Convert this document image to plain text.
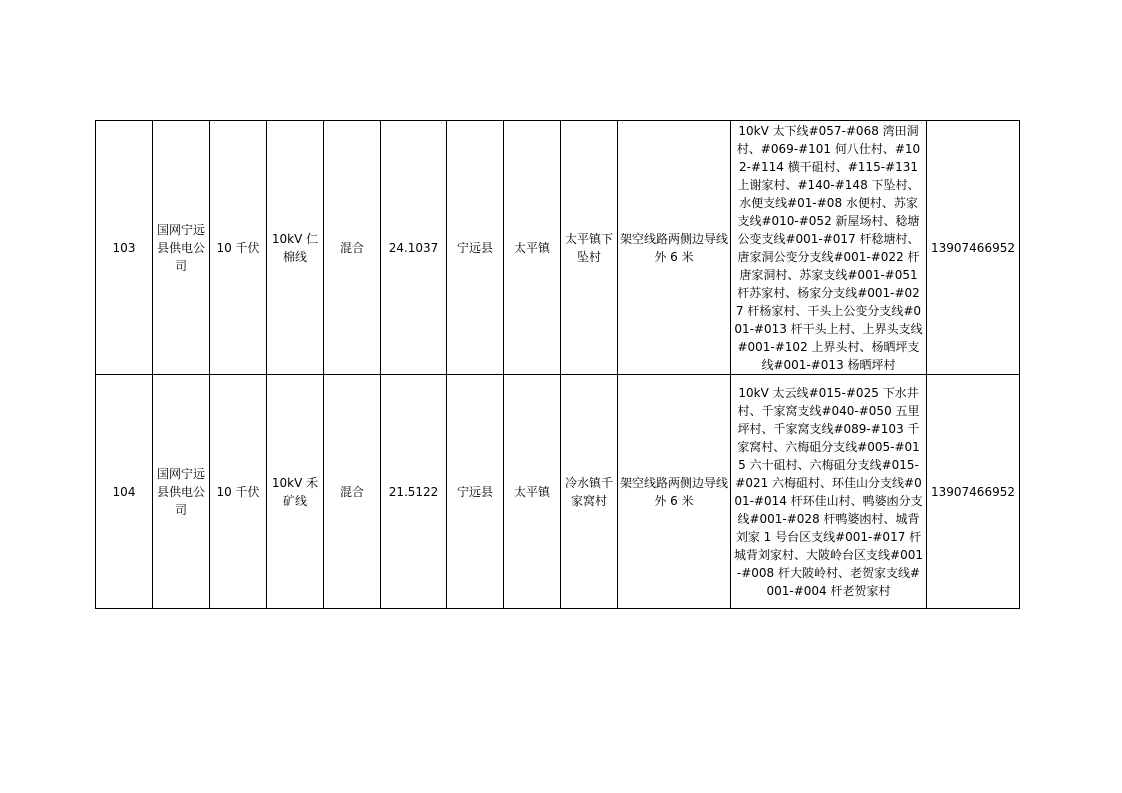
103	国网宁远县供电公司	10 千伏	10kV 仁棉线	混合	24.1037	宁远县	太平镇	太平镇下坠村	架空线路两侧边导线外 6 米	10kV 太下线#057-#068 湾田洞村、#069-#101 何八仕村、#102-#114 横干砠村、#115-#131 上谢家村、#140-#148 下坠村、水便支线#01-#08 水便村、苏家支线#010-#052 新屋场村、稔塘公变支线#001-#017 杆稔塘村、唐家洞公变分支线#001-#022 杆唐家洞村、苏家支线#001-#051 杆苏家村、杨家分支线#001-#027 杆杨家村、干头上公变分支线#001-#013 杆干头上村、上界头支线#001-#102 上界头村、杨晒坪支线#001-#013 杨晒坪村	13907466952
104	国网宁远县供电公司	10 千伏	10kV 禾矿线	混合	21.5122	宁远县	太平镇	冷水镇千家窝村	架空线路两侧边导线外 6 米	10kV 太云线#015-#025 下水井村、千家窝支线#040-#050 五里坪村、千家窝支线#089-#103 千家窝村、六梅砠分支线#005-#015 六十砠村、六梅砠分支线#015-#021 六梅砠村、环佳山分支线#001-#014 杆环佳山村、鸭婆凼分支线#001-#028 杆鸭婆凼村、城背刘家 1 号台区支线#001-#017 杆城背刘家村、大陂岭台区支线#001-#008 杆大陂岭村、老贺家支线#001-#004 杆老贺家村	13907466952
